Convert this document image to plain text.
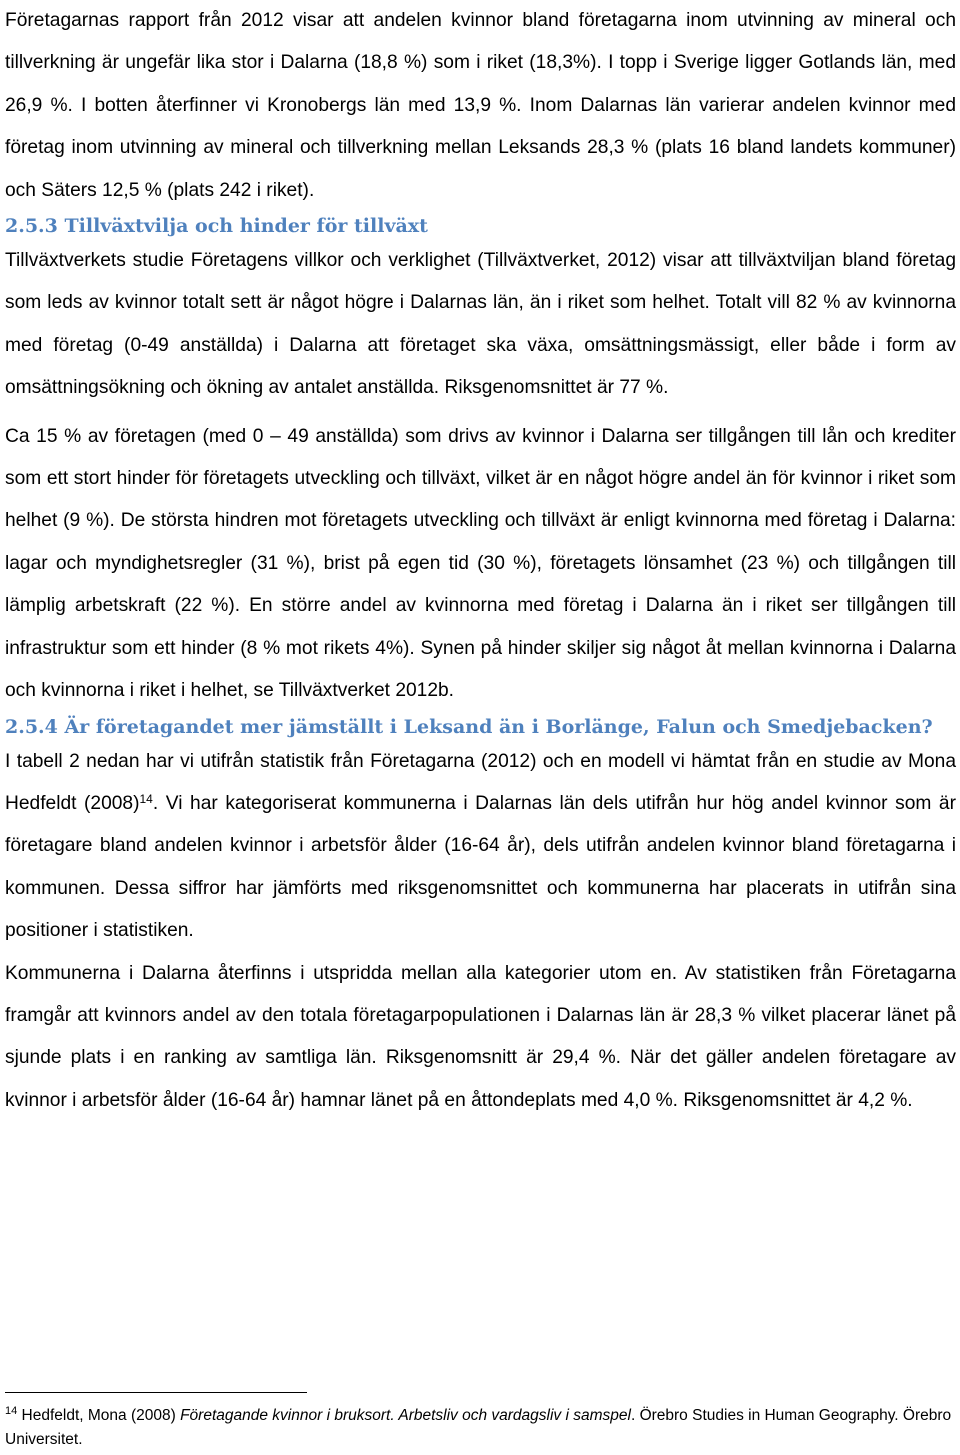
Företagarnas rapport från 2012 visar att andelen kvinnor bland företagarna inom utvinning av mineral och tillverkning är ungefär lika stor i Dalarna (18,8 %) som i riket (18,3%). I topp i Sverige ligger Gotlands län, med 26,9 %. I botten återfinner vi Kronobergs län med 13,9 %. Inom Dalarnas län varierar andelen kvinnor med företag inom utvinning av mineral och tillverkning mellan Leksands 28,3 % (plats 16 bland landets kommuner) och Säters 12,5 % (plats 242 i riket).

2.5.3 Tillväxtvilja och hinder för tillväxt

Tillväxtverkets studie Företagens villkor och verklighet (Tillväxtverket, 2012) visar att tillväxtviljan bland företag som leds av kvinnor totalt sett är något högre i Dalarnas län, än i riket som helhet. Totalt vill 82 % av kvinnorna med företag (0-49 anställda) i Dalarna att företaget ska växa, omsättningsmässigt, eller både i form av omsättningsökning och ökning av antalet anställda. Riksgenomsnittet är 77 %.

Ca 15 % av företagen (med 0 – 49 anställda) som drivs av kvinnor i Dalarna ser tillgången till lån och krediter som ett stort hinder för företagets utveckling och tillväxt, vilket är en något högre andel än för kvinnor i riket som helhet (9 %). De största hindren mot företagets utveckling och tillväxt är enligt kvinnorna med företag i Dalarna: lagar och myndighetsregler (31 %), brist på egen tid (30 %), företagets lönsamhet (23 %) och tillgången till lämplig arbetskraft (22 %). En större andel av kvinnorna med företag i Dalarna än i riket ser tillgången till infrastruktur som ett hinder (8 % mot rikets 4%). Synen på hinder skiljer sig något åt mellan kvinnorna i Dalarna och kvinnorna i riket i helhet, se Tillväxtverket 2012b.

2.5.4 Är företagandet mer jämställt i Leksand än i Borlänge, Falun och Smedjebacken?

I tabell 2 nedan har vi utifrån statistik från Företagarna (2012) och en modell vi hämtat från en studie av Mona Hedfeldt $(2008)^{14}$. Vi har kategoriserat kommunerna i Dalarnas län dels utifrån hur hög andel kvinnor som är företagare bland andelen kvinnor i arbetsför ålder (16-64 år), dels utifrån andelen kvinnor bland företagarna i kommunen. Dessa siffror har jämförts med riksgenomsnittet och kommunerna har placerats in utifrån sina positioner i statistiken.

Kommunerna i Dalarna återfinns i utspridda mellan alla kategorier utom en. Av statistiken från Företagarna framgår att kvinnors andel av den totala företagarpopulationen i Dalarnas län är 28,3 % vilket placerar länet på sjunde plats i en ranking av samtliga län. Riksgenomsnitt är 29,4 %. När det gäller andelen företagare av kvinnor i arbetsför ålder (16-64 år) hamnar länet på en åttondeplats med 4,0 %. Riksgenomsnittet är 4,2 %.

$^{14}$ Hedfeldt, Mona (2008) Företagande kvinnor i bruksort. Arbetsliv och vardagsliv i samspel. Örebro Studies in Human Geography. Örebro Universitet.
